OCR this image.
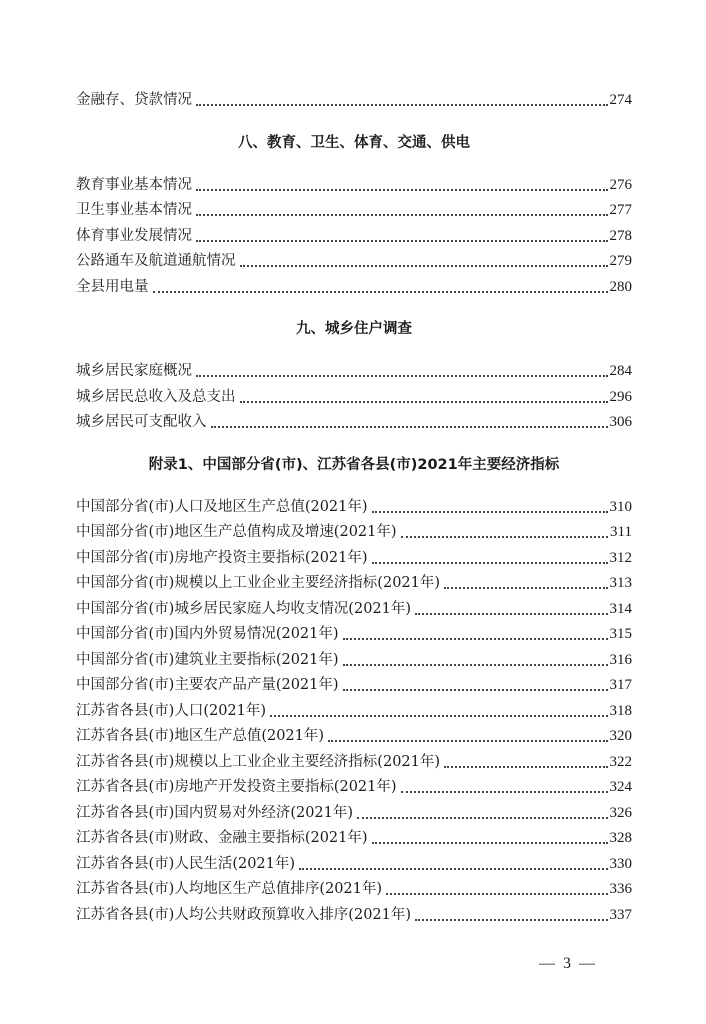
— 3 —
金融存、贷款情况	274
八、教育、卫生、体育、交通、供电
教育事业基本情况	276
卫生事业基本情况	277
体育事业发展情况	278
公路通车及航道通航情况	279
全县用电量	280
九、城乡住户调查
城乡居民家庭概况	284
城乡居民总收入及总支出	296
城乡居民可支配收入	306
附录1、中国部分省(市)、江苏省各县(市)2021年主要经济指标
中国部分省(市)人口及地区生产总值(2021年)	310
中国部分省(市)地区生产总值构成及增速(2021年)	311
中国部分省(市)房地产投资主要指标(2021年)	312
中国部分省(市)规模以上工业企业主要经济指标(2021年)	313
中国部分省(市)城乡居民家庭人均收支情况(2021年)	314
中国部分省(市)国内外贸易情况(2021年)	315
中国部分省(市)建筑业主要指标(2021年)	316
中国部分省(市)主要农产品产量(2021年)	317
江苏省各县(市)人口(2021年)	318
江苏省各县(市)地区生产总值(2021年)	320
江苏省各县(市)规模以上工业企业主要经济指标(2021年)	322
江苏省各县(市)房地产开发投资主要指标(2021年)	324
江苏省各县(市)国内贸易对外经济(2021年)	326
江苏省各县(市)财政、金融主要指标(2021年)	328
江苏省各县(市)人民生活(2021年)	330
江苏省各县(市)人均地区生产总值排序(2021年)	336
江苏省各县(市)人均公共财政预算收入排序(2021年)	337
